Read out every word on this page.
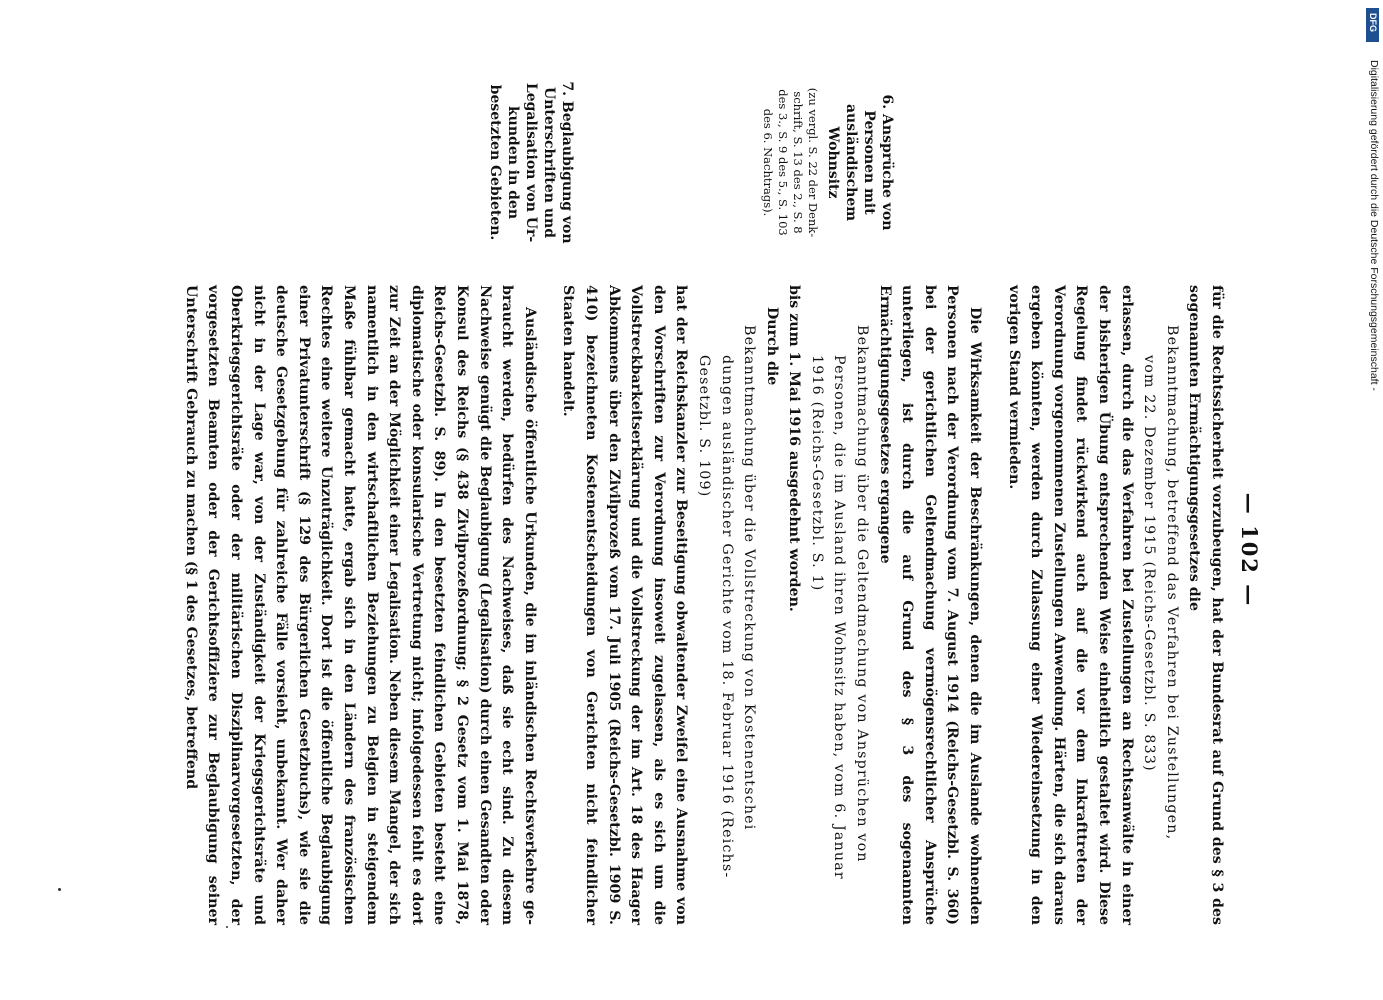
— 102 —

für die Rechtssicherheit vorzubeugen, hat der Bundesrat auf Grund des § 3 des sogenannten Ermächtigungsgesetzes die

Bekanntmachung, betreffend das Verfahren bei Zustellungen,

vom 22. Dezember 1915 (Reichs-Gesetzbl. S. 833)

erlassen, durch die das Verfahren bei Zustellungen an Rechtsanwälte in einer der bisherigen Übung entsprechenden Weise einheitlich gestaltet wird. Diese Regelung findet rückwirkend auch auf die vor dem Inkrafttreten der Verordnung vorgenommenen Zustellungen Anwendung. Härten, die sich daraus ergeben könnten, werden durch Zulassung einer Wiedereinsetzung in den vorigen Stand vermieden.

Die Wirksamkeit der Beschränkungen, denen die im Auslande wohnenden Personen nach der Verordnung vom 7. August 1914 (Reichs-Gesetzbl. S. 360) bei der gerichtlichen Geltendmachung vermögensrechtlicher Ansprüche unterliegen, ist durch die auf Grund des § 3 des sogenannten Ermächtigungsgesetzes ergangene

Bekanntmachung über die Geltendmachung von Ansprüchen von

Personen, die im Ausland ihren Wohnsitz haben, vom 6. Januar

1916 (Reichs-Gesetzbl. S. 1)

bis zum 1. Mai 1916 ausgedehnt worden.

Durch die

Bekanntmachung über die Vollstreckung von Kostenentschei

dungen ausländischer Gerichte vom 18. Februar 1916 (Reichs-

Gesetzbl. S. 109)

hat der Reichskanzler zur Beseitigung obwaltender Zweifel eine Ausnahme von den Vorschriften zur Verordnung insoweit zugelassen, als es sich um die Vollstreckbarkeitserklärung und die Vollstreckung der im Art. 18 des Haager Abkommens über den Zivilprozeß vom 17. Juli 1905 (Reichs-Gesetzbl. 1909 S. 410) bezeichneten Kostenentscheidungen von Gerichten nicht feindlicher Staaten handelt.

Ausländische öffentliche Urkunden, die im inländischen Rechtsverkehre gebraucht werden, bedürfen des Nachweises, daß sie echt sind. Zu diesem Nachweise genügt die Beglaubigung (Legalisation) durch einen Gesandten oder Konsul des Reichs (§ 438 Zivilprozeßordnung; § 2 Gesetz vom 1. Mai 1878, Reichs-Gesetzbl. S. 89). In den besetzten feindlichen Gebieten besteht eine diplomatische oder konsularische Vertretung nicht; infolgedessen fehlt es dort zur Zeit an der Möglichkeit einer Legalisation. Neben diesem Mangel, der sich namentlich in den wirtschaftlichen Beziehungen zu Belgien in steigendem Maße fühlbar gemacht hatte, ergab sich in den Ländern des französischen Rechtes eine weitere Unzuträglichkeit. Dort ist die öffentliche Beglaubigung einer Privatunterschrift (§ 129 des Bürgerlichen Gesetzbuchs), wie sie die deutsche Gesetzgebung für zahlreiche Fälle vorsieht, unbekannt. Wer daher nicht in der Lage war, von der Zuständigkeit der Kriegsgerichtsräte und Oberkriegsgerichtsräte oder der militärischen Disziplinarvorgesetzten, der vorgesetzten Beamten oder der Gerichtsoffiziere zur Beglaubigung seiner Unterschrift Gebrauch zu machen (§ 1 des Gesetzes, betreffend

6. Ansprüche von Personen mit ausländischem Wohnsitz
(zu vergl. S. 22 der Denkschrift, S. 13 des 2., S. 8 des 3., S. 9 des 5., S. 103 des 6. Nachtrags).
7. Beglaubigung von Unterschriften und Legalisation von Urkunden in den besetzten Gebieten.
DFG
Digitalisierung gefördert durch die Deutsche Forschungsgemeinschaft -
